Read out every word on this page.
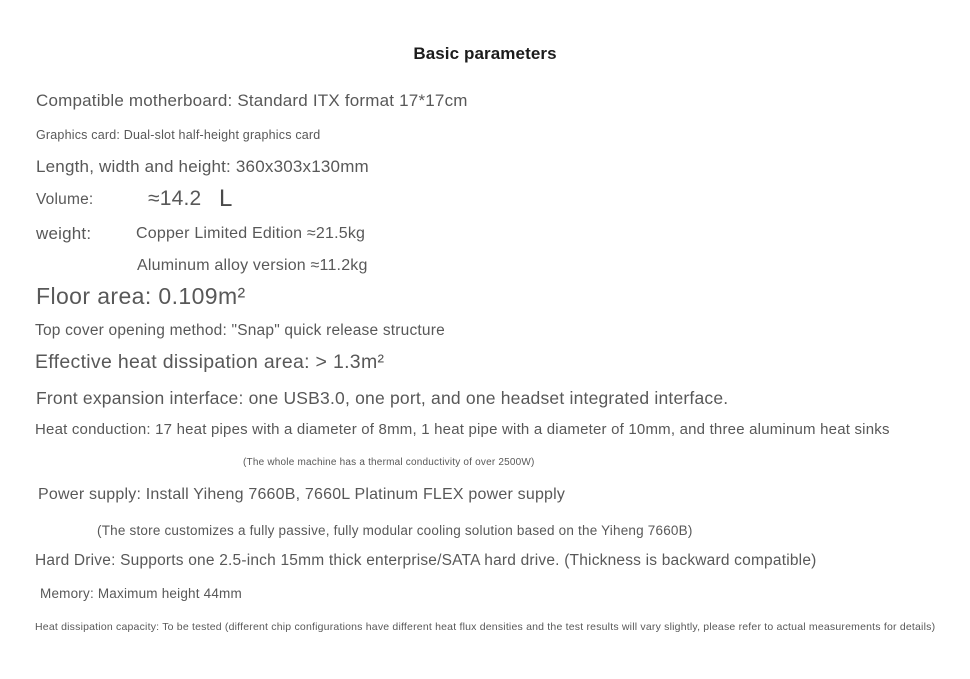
Basic parameters
Compatible motherboard: Standard ITX format 17*17cm
Graphics card: Dual-slot half-height graphics card
Length, width and height: 360x303x130mm
Volume:	≈14.2 L
weight:	Copper Limited Edition ≈21.5kg
Aluminum alloy version ≈11.2kg
Floor area: 0.109m²
Top cover opening method: "Snap" quick release structure
Effective heat dissipation area: > 1.3m²
Front expansion interface: one USB3.0, one port, and one headset integrated interface.
Heat conduction: 17 heat pipes with a diameter of 8mm, 1 heat pipe with a diameter of 10mm, and three aluminum heat sinks
(The whole machine has a thermal conductivity of over 2500W)
Power supply: Install Yiheng 7660B, 7660L Platinum FLEX power supply
(The store customizes a fully passive, fully modular cooling solution based on the Yiheng 7660B)
Hard Drive: Supports one 2.5-inch 15mm thick enterprise/SATA hard drive. (Thickness is backward compatible)
Memory: Maximum height 44mm
Heat dissipation capacity: To be tested (different chip configurations have different heat flux densities and the test results will vary slightly, please refer to actual measurements for details)
